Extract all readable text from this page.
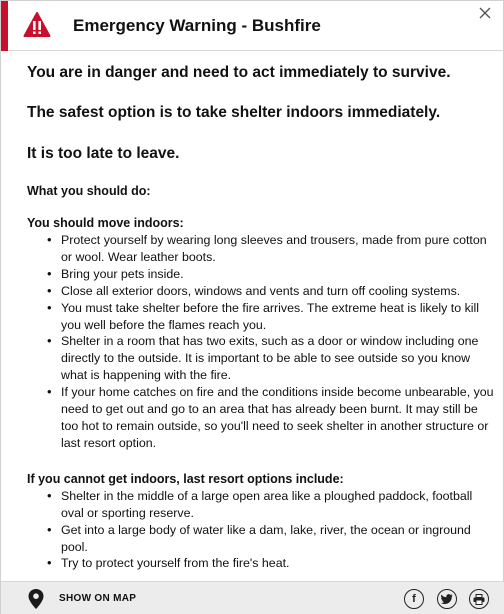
Emergency Warning - Bushfire
You are in danger and need to act immediately to survive.
The safest option is to take shelter indoors immediately.
It is too late to leave.
What you should do:
You should move indoors:
• Protect yourself by wearing long sleeves and trousers, made from pure cotton or wool. Wear leather boots.
• Bring your pets inside.
• Close all exterior doors, windows and vents and turn off cooling systems.
• You must take shelter before the fire arrives. The extreme heat is likely to kill you well before the flames reach you.
• Shelter in a room that has two exits, such as a door or window including one directly to the outside. It is important to be able to see outside so you know what is happening with the fire.
• If your home catches on fire and the conditions inside become unbearable, you need to get out and go to an area that has already been burnt. It may still be too hot to remain outside, so you'll need to seek shelter in another structure or last resort option.
If you cannot get indoors, last resort options include:
• Shelter in the middle of a large open area like a ploughed paddock, football oval or sporting reserve.
• Get into a large body of water like a dam, lake, river, the ocean or inground pool.
• Try to protect yourself from the fire's heat.
SHOW ON MAP	f
